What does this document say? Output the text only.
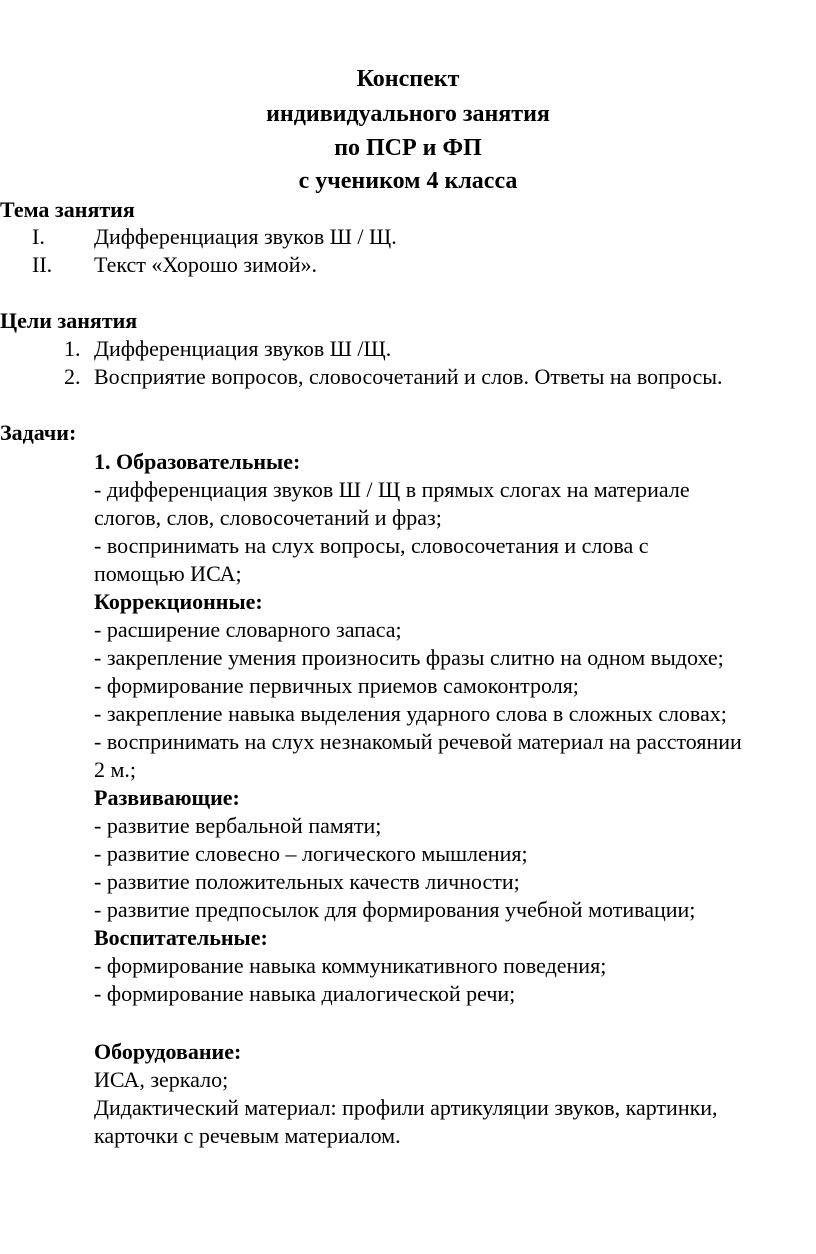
Конспект
индивидуального занятия
по ПСР и ФП
с учеником 4 класса
Тема занятия
I. Дифференциация звуков Ш / Щ.
II. Текст «Хорошо зимой».
Цели занятия
1. Дифференциация звуков Ш /Щ.
2. Восприятие вопросов, словосочетаний и слов. Ответы на вопросы.
Задачи:
1. Образовательные:
- дифференциация звуков Ш / Щ в прямых слогах на материале
слогов, слов, словосочетаний и фраз;
- воспринимать на слух вопросы, словосочетания и слова с
помощью ИСА;
Коррекционные:
- расширение словарного запаса;
- закрепление умения произносить фразы слитно на одном выдохе;
- формирование первичных приемов самоконтроля;
- закрепление навыка выделения ударного слова в сложных словах;
- воспринимать на слух незнакомый речевой материал на расстоянии
2 м.;
Развивающие:
- развитие вербальной памяти;
- развитие словесно – логического мышления;
- развитие положительных качеств личности;
- развитие предпосылок для формирования учебной мотивации;
Воспитательные:
- формирование навыка коммуникативного поведения;
- формирование навыка диалогической речи;
Оборудование:
ИСА, зеркало;
Дидактический материал: профили артикуляции звуков, картинки,
карточки с речевым материалом.
